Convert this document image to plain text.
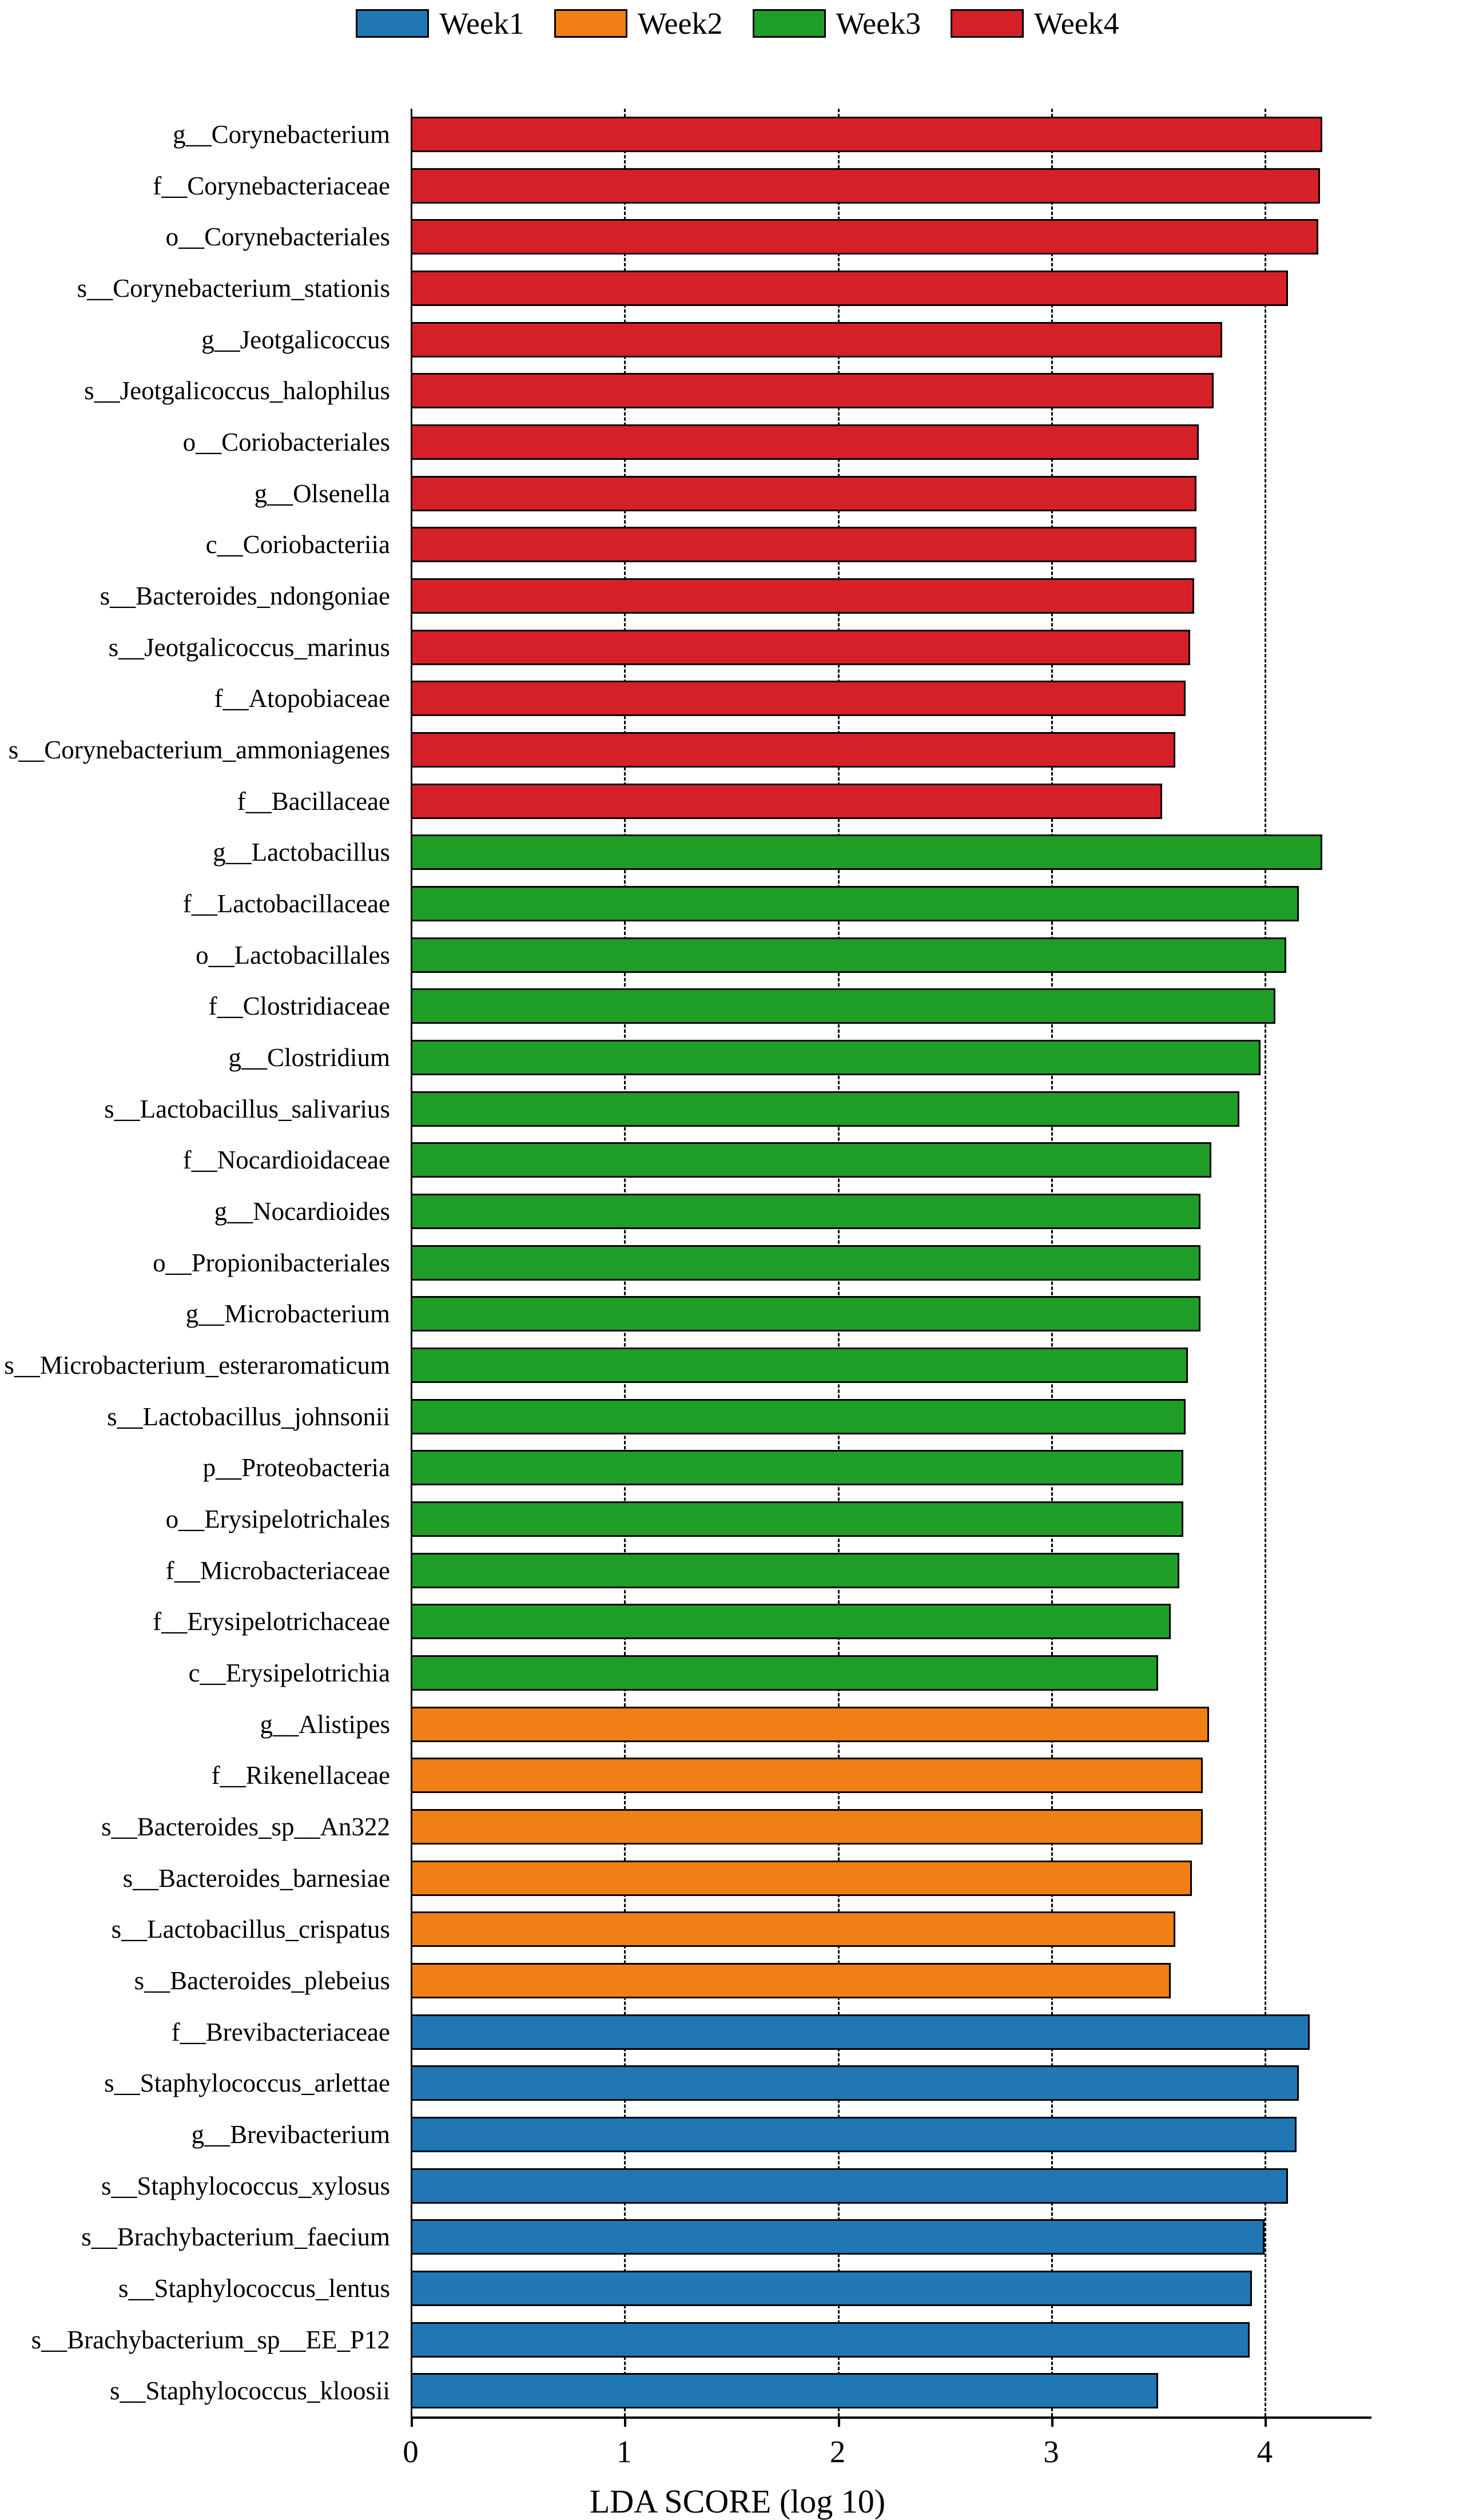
Week1	Week2	Week3	Week4
g__Corynebacterium
f__Corynebacteriaceae
o__Corynebacteriales
s__Corynebacterium_stationis
g__Jeotgalicoccus
s__Jeotgalicoccus_halophilus
o__Coriobacteriales
g__Olsenella
c__Coriobacteriia
s__Bacteroides_ndongoniae
s__Jeotgalicoccus_marinus
f__Atopobiaceae
s__Corynebacterium_ammoniagenes
f__Bacillaceae
g__Lactobacillus
f__Lactobacillaceae
o__Lactobacillales
f__Clostridiaceae
g__Clostridium
s__Lactobacillus_salivarius
f__Nocardioidaceae
g__Nocardioides
o__Propionibacteriales
g__Microbacterium
s__Microbacterium_esteraromaticum
s__Lactobacillus_johnsonii
p__Proteobacteria
o__Erysipelotrichales
f__Microbacteriaceae
f__Erysipelotrichaceae
c__Erysipelotrichia
g__Alistipes
f__Rikenellaceae
s__Bacteroides_sp__An322
s__Bacteroides_barnesiae
s__Lactobacillus_crispatus
s__Bacteroides_plebeius
f__Brevibacteriaceae
s__Staphylococcus_arlettae
g__Brevibacterium
s__Staphylococcus_xylosus
s__Brachybacterium_faecium
s__Staphylococcus_lentus
s__Brachybacterium_sp__EE_P12
s__Staphylococcus_kloosii
0	1	2	3	4
LDA SCORE (log 10)
